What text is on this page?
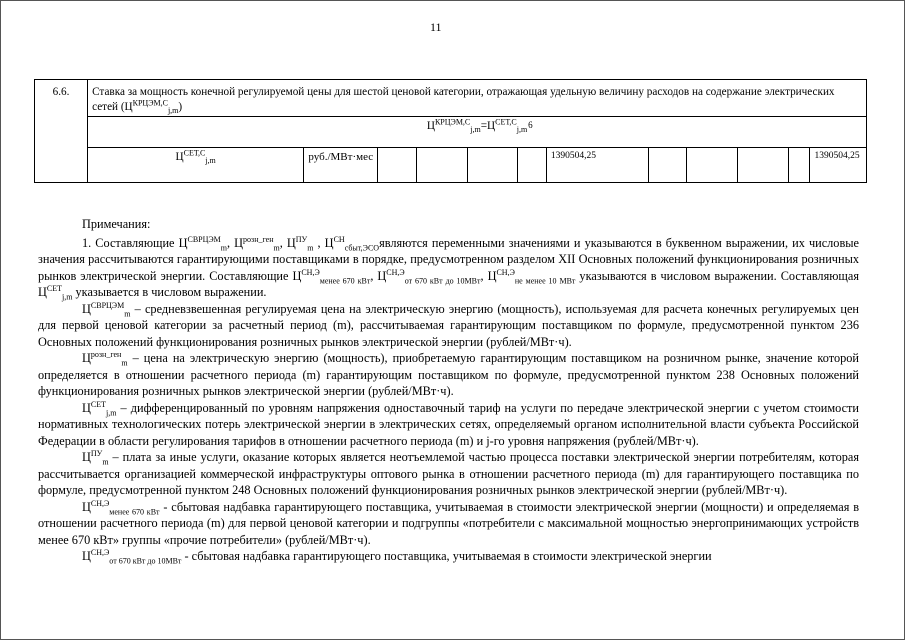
11
6.6.	Ставка за мощность конечной регулируемой цены для шестой ценовой категории, отражающая удельную величину расходов на содержание электрических сетей $(Ц^{КРЦЭМ,С}_{j,m})$											
	$Ц^{КРЦЭМ,С}_{j,m}=Ц^{СЕТ,С}_{j,m}$ 6											

	$Ц^{СЕТ,С}_{j,m}$	руб./МВт·мес					1390504,25					1390504,25

Примечания:

1. Составляющие $Ц^{СВРЦЭМ}_m$, $Ц^{розн\_ген}_m$, $Ц^{ПУ}_m$ , $Ц^{СН}_{сбыт,ЭСО}являются$ переменными значениями и указываются в буквенном выражении, их числовые значения рассчитываются гарантирующими поставщиками в порядке, предусмотренном разделом XII Основных положений функционирования розничных рынков электрической энергии. Составляющие $Ц^{СН,Э}_{менее 670 кВт}$, $Ц^{СН,Э}_{от 670 кВт до 10МВт}$, $Ц^{СН,Э}_{не менее 10 МВт}$ указываются в числовом выражении. Составляющая $Ц^{СЕТ}_{j,m}$ указывается в числовом выражении.

$Ц^{СВРЦЭМ}_m$ – средневзвешенная регулируемая цена на электрическую энергию (мощность), используемая для расчета конечных регулируемых цен для первой ценовой категории за расчетный период (m), рассчитываемая гарантирующим поставщиком по формуле, предусмотренной пунктом 236 Основных положений функционирования розничных рынков электрической энергии (рублей/МВт·ч).

$Ц^{розн\_ген}_m$ – цена на электрическую энергию (мощность), приобретаемую гарантирующим поставщиком на розничном рынке, значение которой определяется в отношении расчетного периода (m) гарантирующим поставщиком по формуле, предусмотренной пунктом 238 Основных положений функционирования розничных рынков электрической энергии (рублей/МВт·ч).

$Ц^{СЕТ}_{j,m}$ – дифференцированный по уровням напряжения одноставочный тариф на услуги по передаче электрической энергии с учетом стоимости нормативных технологических потерь электрической энергии в электрических сетях, определяемый органом исполнительной власти субъекта Российской Федерации в области регулирования тарифов в отношении расчетного периода (m) и j-го уровня напряжения (рублей/МВт·ч).

$Ц^{ПУ}_m$ – плата за иные услуги, оказание которых является неотъемлемой частью процесса поставки электрической энергии потребителям, которая рассчитывается организацией коммерческой инфраструктуры оптового рынка в отношении расчетного периода (m) для гарантирующего поставщика по формуле, предусмотренной пунктом 248 Основных положений функционирования розничных рынков электрической энергии (рублей/МВт·ч).

$Ц^{СН,Э}_{менее 670 кВт}$ - сбытовая надбавка гарантирующего поставщика, учитываемая в стоимости электрической энергии (мощности) и определяемая в отношении расчетного периода (m) для первой ценовой категории и подгруппы «потребители с максимальной мощностью энергопринимающих устройств менее 670 кВт» группы «прочие потребители» (рублей/МВт·ч).

$Ц^{СН,Э}_{от 670 кВт до 10МВт}$ - сбытовая надбавка гарантирующего поставщика, учитываемая в стоимости электрической энергии
